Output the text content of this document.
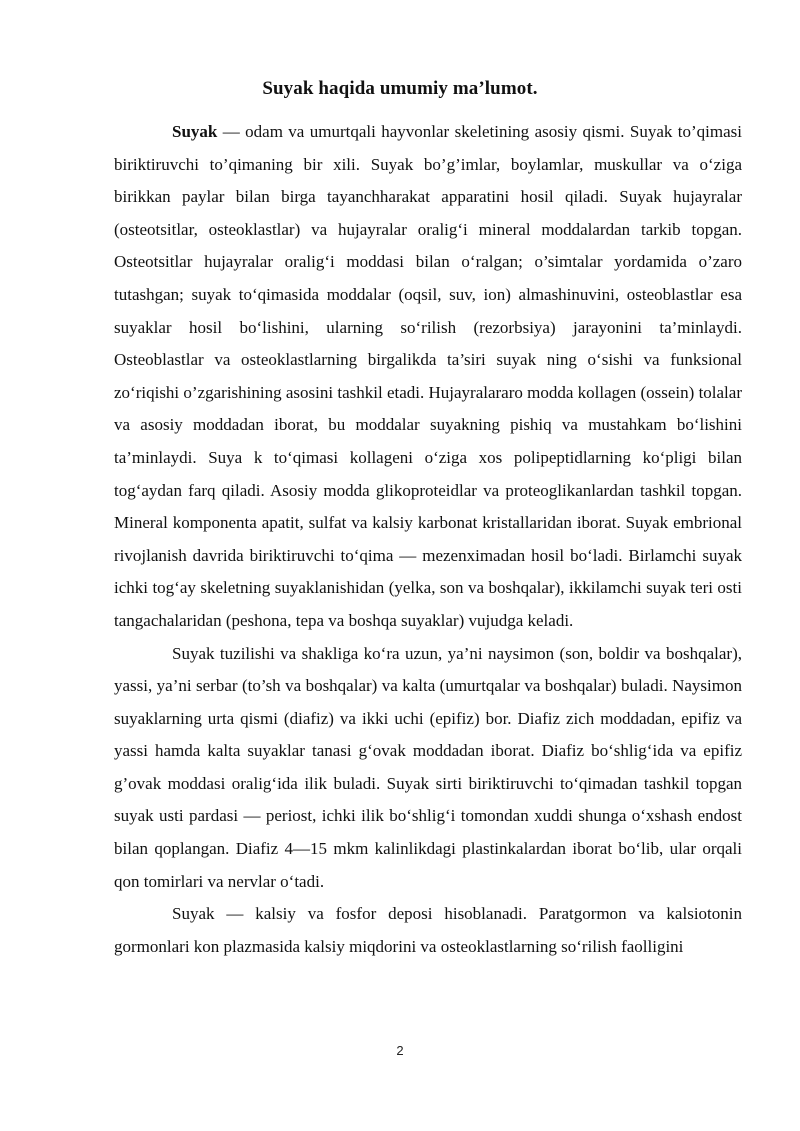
Suyak haqida umumiy ma’lumot.

Suyak — odam va umurtqali hayvonlar skeletining asosiy qismi. Suyak to’qimasi biriktiruvchi to’qimaning bir xili. Suyak bo’g’imlar, boylamlar, muskullar va o‘ziga birikkan paylar bilan birga tayanchharakat apparatini hosil qiladi. Suyak hujayralar (osteotsitlar, osteoklastlar) va hujayralar oralig‘i mineral moddalardan tarkib topgan. Osteotsitlar hujayralar oralig‘i moddasi bilan o‘ralgan; o’simtalar yordamida o’zaro tutashgan; suyak to‘qimasida moddalar (oqsil, suv, ion) almashinuvini, osteoblastlar esa suyaklar hosil bo‘lishini, ularning so‘rilish (rezorbsiya) jarayonini ta’minlaydi. Osteoblastlar va osteoklastlarning birgalikda ta’siri suyak ning o‘sishi va funksional zo‘riqishi o’zgarishining asosini tashkil etadi. Hujayralararo modda kollagen (ossein) tolalar va asosiy moddadan iborat, bu moddalar suyakning pishiq va mustahkam bo‘lishini ta’minlaydi. Suya k to‘qimasi kollageni o‘ziga xos polipeptidlarning ko‘pligi bilan tog‘aydan farq qiladi. Asosiy modda glikoproteidlar va proteoglikanlardan tashkil topgan. Mineral komponenta apatit, sulfat va kalsiy karbonat kristallaridan iborat. Suyak embrional rivojlanish davrida biriktiruvchi to‘qima — mezenximadan hosil bo‘ladi. Birlamchi suyak ichki tog‘ay skeletning suyaklanishidan (yelka, son va boshqalar), ikkilamchi suyak teri osti tangachalaridan (peshona, tepa va boshqa suyaklar) vujudga keladi.

Suyak tuzilishi va shakliga ko‘ra uzun, ya’ni naysimon (son, boldir va boshqalar), yassi, ya’ni serbar (to’sh va boshqalar) va kalta (umurtqalar va boshqalar) buladi. Naysimon suyaklarning urta qismi (diafiz) va ikki uchi (epifiz) bor. Diafiz zich moddadan, epifiz va yassi hamda kalta suyaklar tanasi g‘ovak moddadan iborat. Diafiz bo‘shlig‘ida va epifiz g’ovak moddasi oralig‘ida ilik buladi. Suyak sirti biriktiruvchi to‘qimadan tashkil topgan suyak usti pardasi — periost, ichki ilik bo‘shlig‘i tomondan xuddi shunga o‘xshash endost bilan qoplangan. Diafiz 4—15 mkm kalinlikdagi plastinkalardan iborat bo‘lib, ular orqali qon tomirlari va nervlar o‘tadi.

Suyak — kalsiy va fosfor deposi hisoblanadi. Paratgormon va kalsiotonin gormonlari kon plazmasida kalsiy miqdorini va osteoklastlarning so‘rilish faolligini

2
